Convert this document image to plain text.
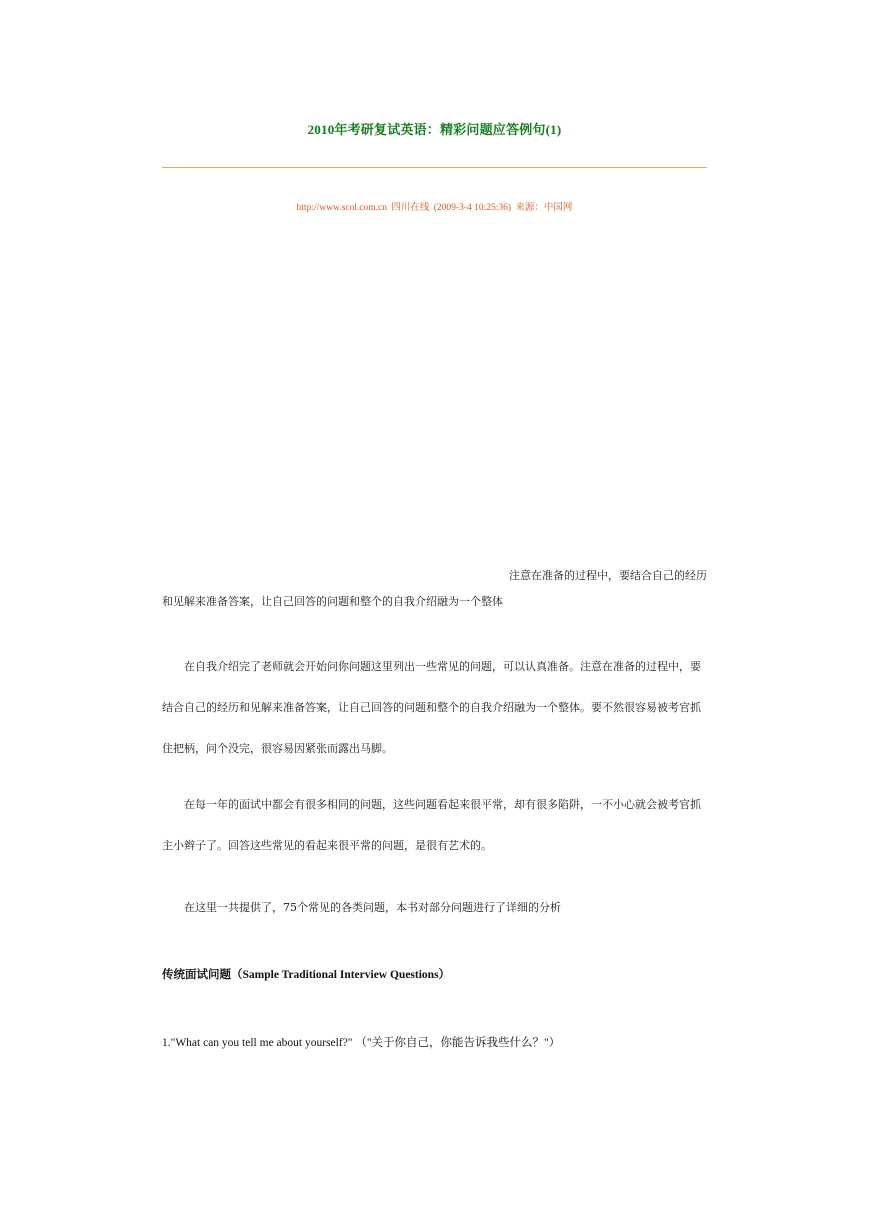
2010年考研复试英语：精彩问题应答例句(1)
http://www.scol.com.cn 四川在线 (2009-3-4 10:25:36) 来源：中国网
注意在准备的过程中，要结合自己的经历
和见解来准备答案，让自己回答的问题和整个的自我介绍融为一个整体

在自我介绍完了老师就会开始问你问题这里列出一些常见的问题，可以认真准备。注意在准备的过程中，要结合自己的经历和见解来准备答案，让自己回答的问题和整个的自我介绍融为一个整体。要不然很容易被考官抓住把柄，问个没完，很容易因紧张而露出马脚。

在每一年的面试中都会有很多相同的问题，这些问题看起来很平常，却有很多陷阱，一不小心就会被考官抓主小辫子了。回答这些常见的看起来很平常的问题，是很有艺术的。

在这里一共提供了，75个常见的各类问题，本书对部分问题进行了详细的分析

传统面试问题（Sample Traditional Interview Questions）
1."What can you tell me about yourself?" （"关于你自己，你能告诉我些什么？"）
